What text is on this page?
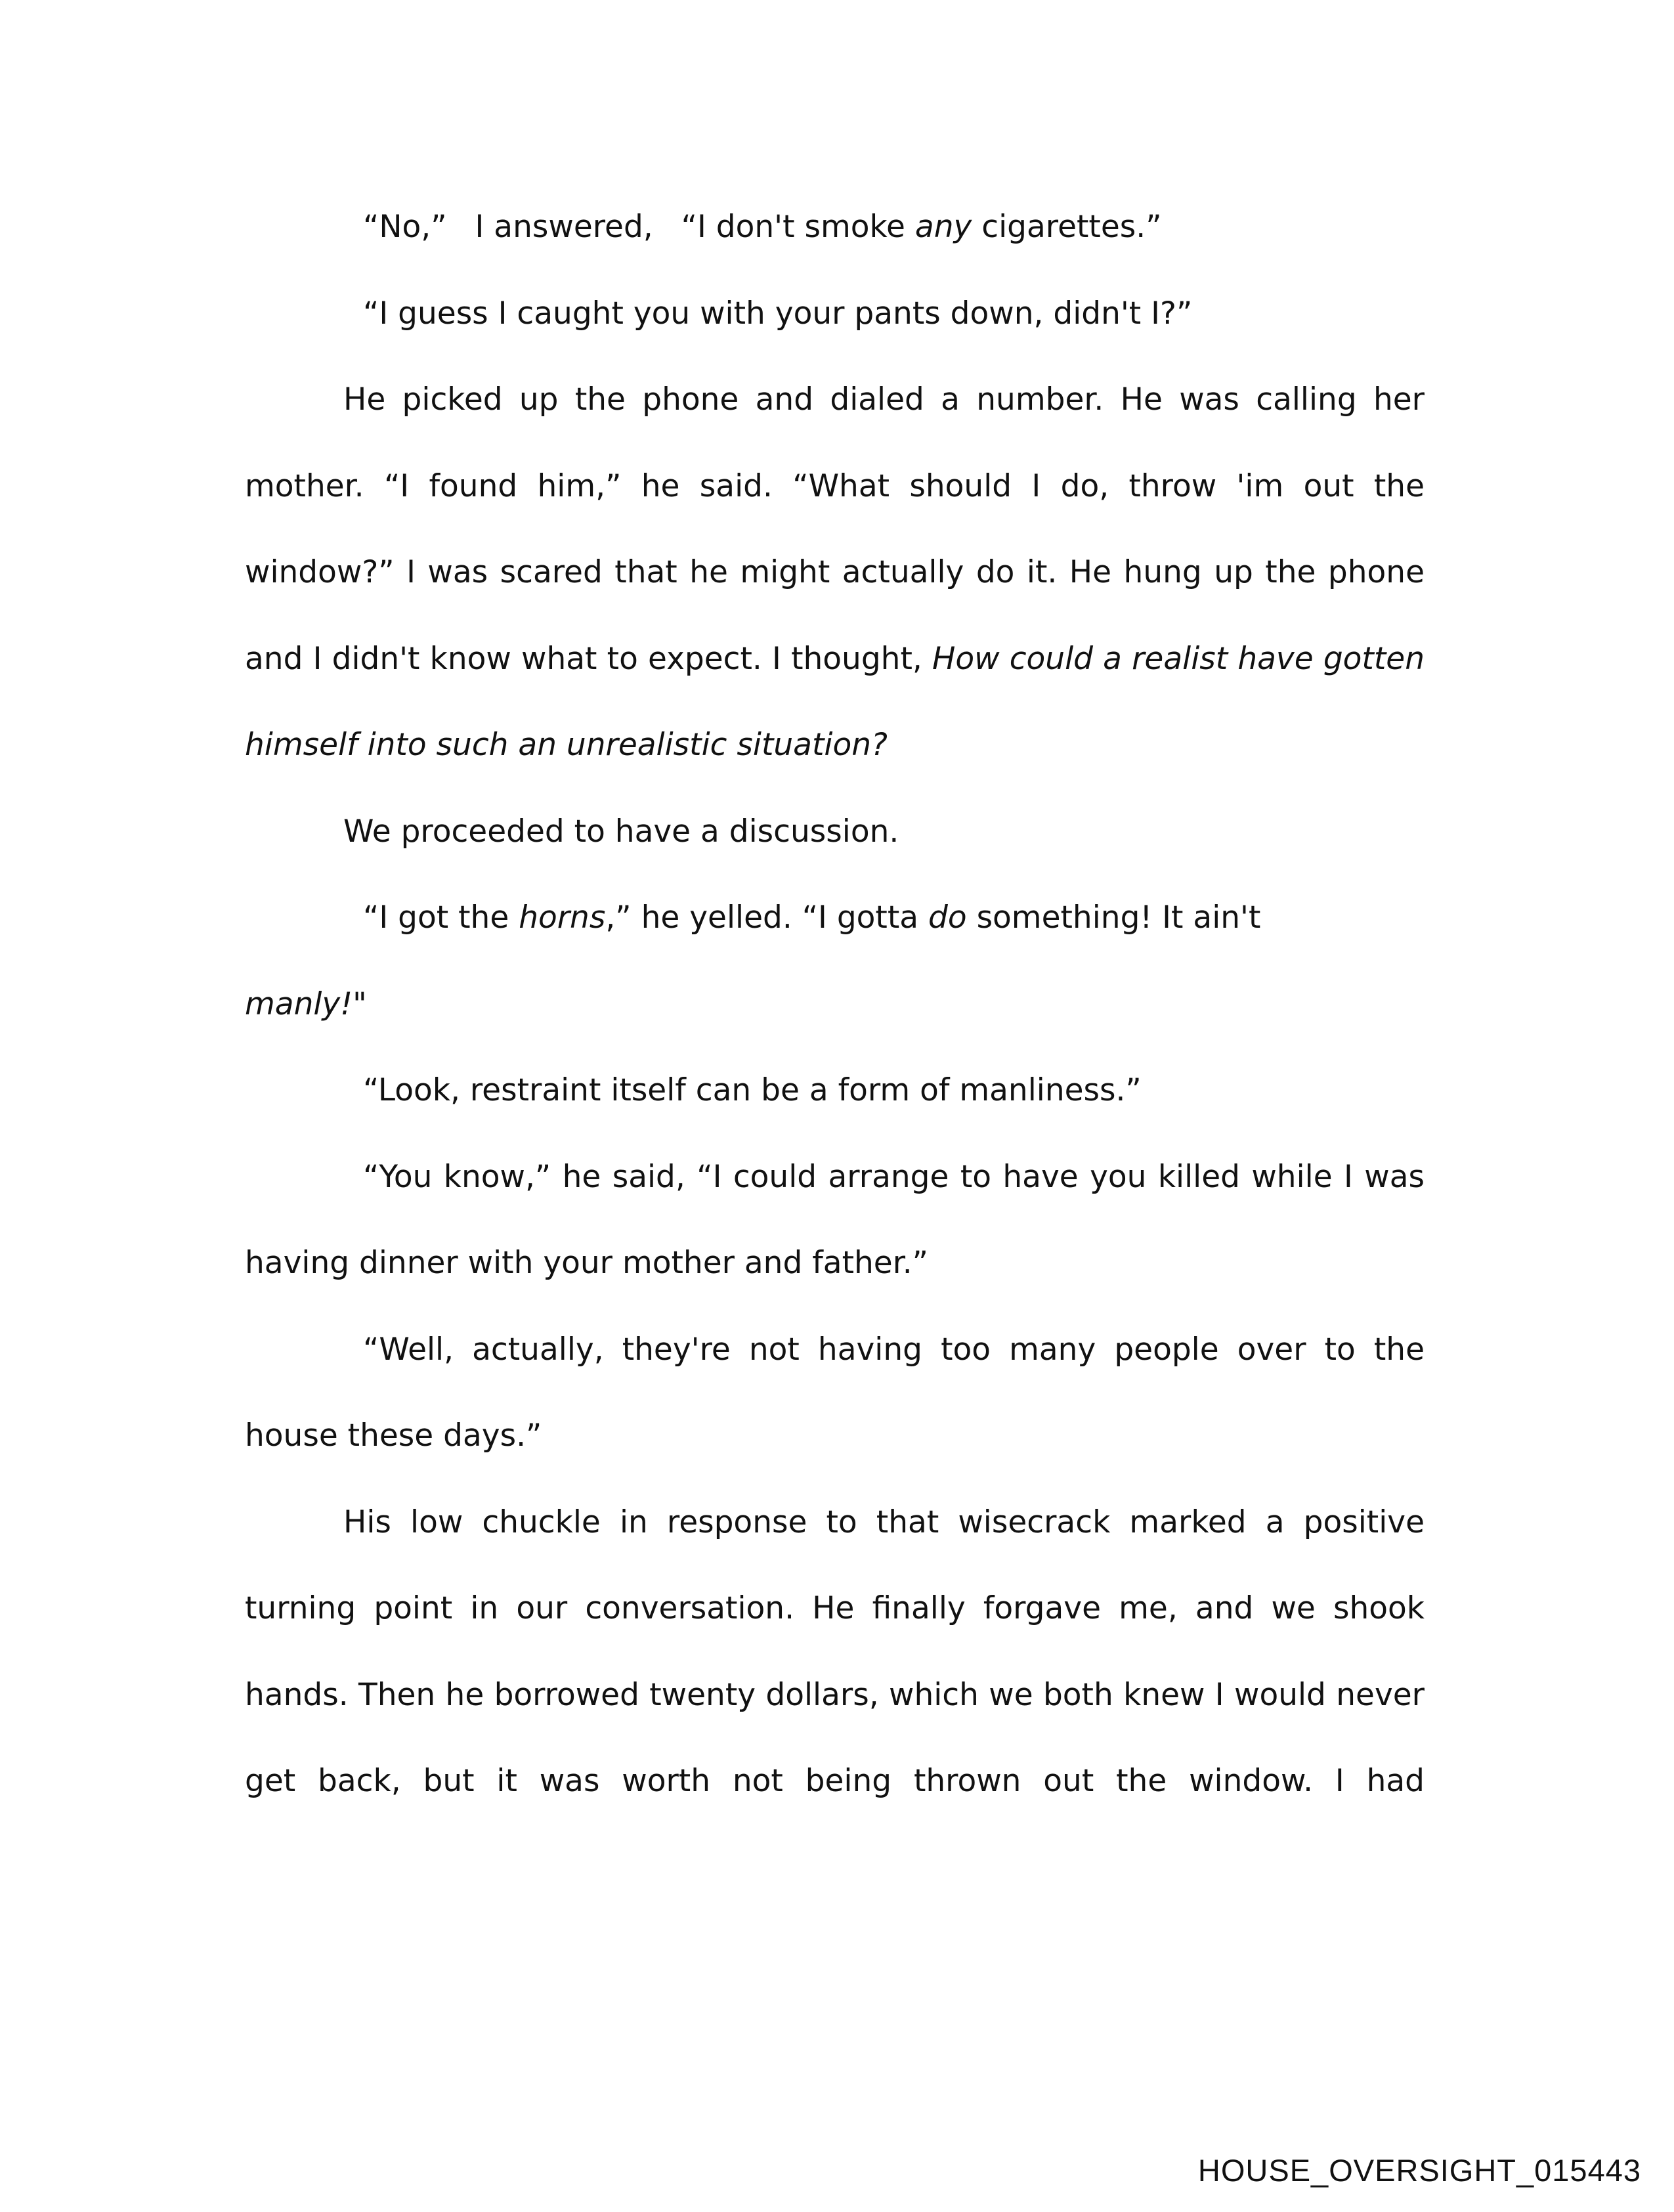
“No,” I answered, “I don't smoke any cigarettes.”

“I guess I caught you with your pants down, didn't I?”

He picked up the phone and dialed a number. He was calling her mother. “I found him,” he said. “What should I do, throw 'im out the window?” I was scared that he might actually do it. He hung up the phone and I didn't know what to expect. I thought, How could a realist have gotten himself into such an unrealistic situation?

We proceeded to have a discussion.

“I got the horns,” he yelled. “I gotta do something! It ain't
manly!"

“Look, restraint itself can be a form of manliness.”

“You know,” he said, “I could arrange to have you killed while I was having dinner with your mother and father.”

“Well, actually, they're not having too many people over to the house these days.”

His low chuckle in response to that wisecrack marked a positive turning point in our conversation. He finally forgave me, and we shook hands. Then he borrowed twenty dollars, which we both knew I would never get back, but it was worth not being thrown out the window. I had

HOUSE_OVERSIGHT_015443
